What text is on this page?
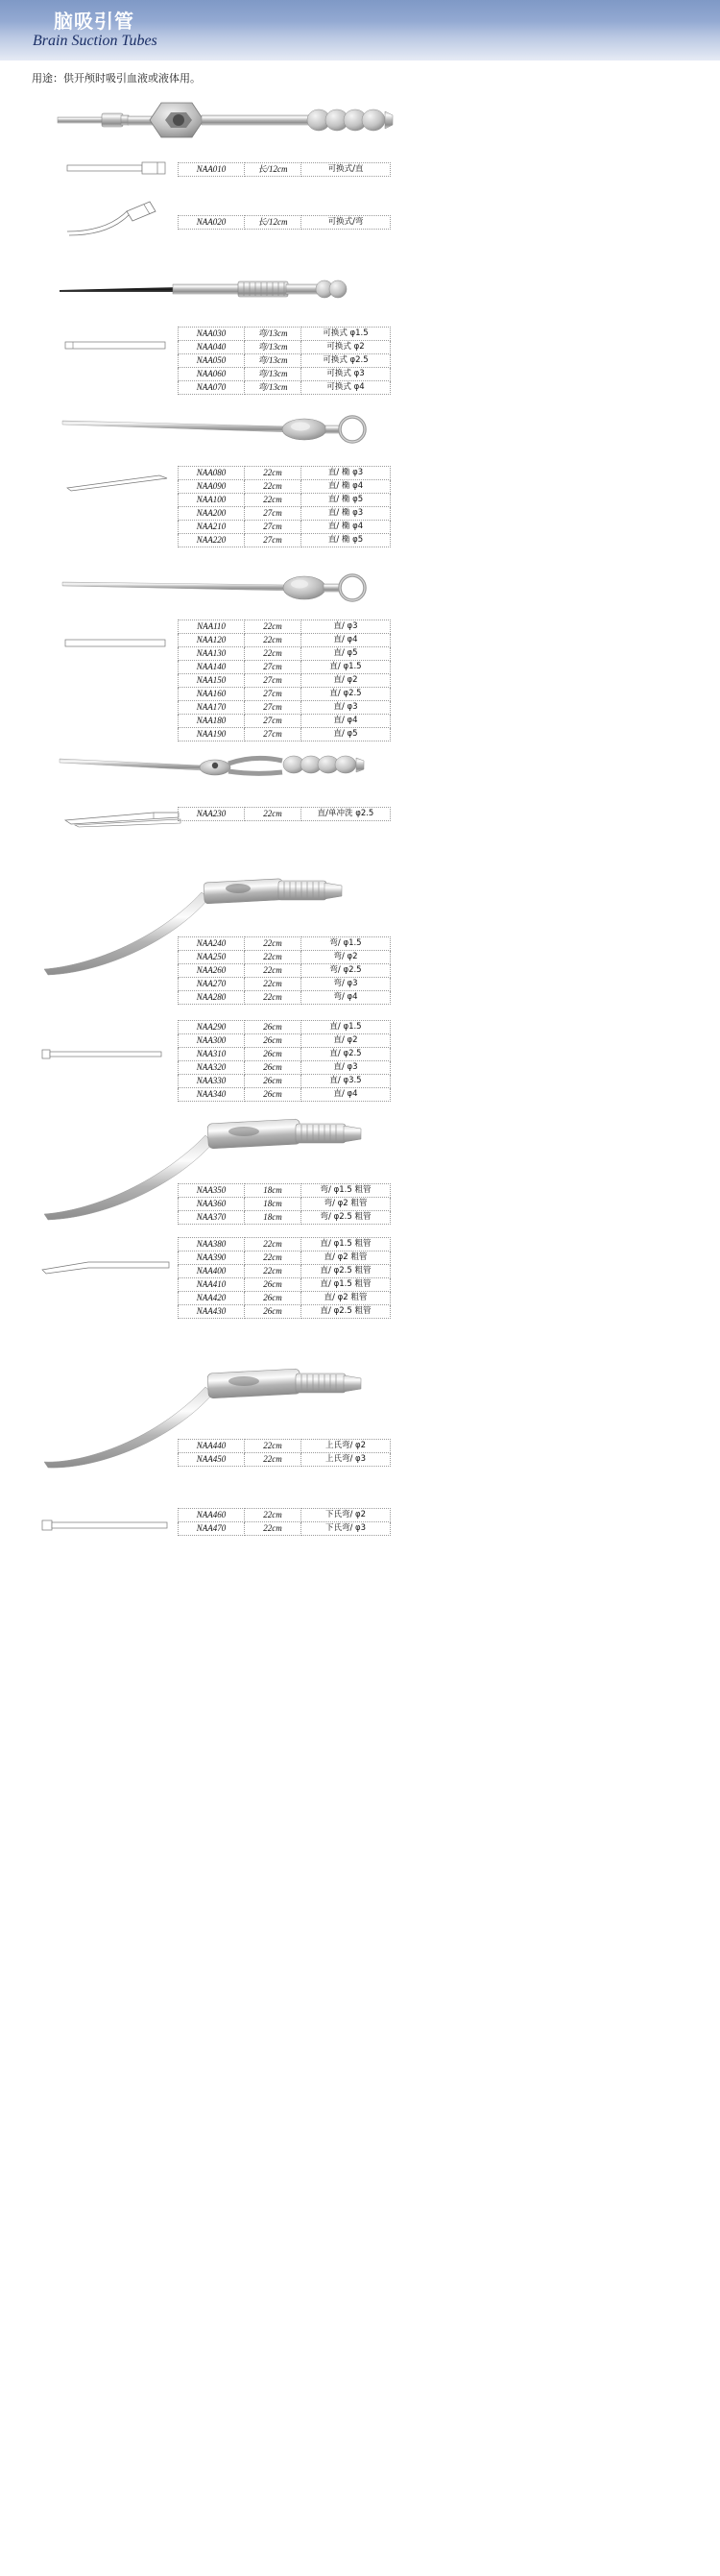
脑吸引管
Brain Suction Tubes
用途：供开颅时吸引血液或液体用。
NAA010	长/12cm	可换式/直
NAA020	长/12cm	可换式/弯
NAA030	弯/13cm	可换式 φ1.5
NAA040	弯/13cm	可换式 φ2
NAA050	弯/13cm	可换式 φ2.5
NAA060	弯/13cm	可换式 φ3
NAA070	弯/13cm	可换式 φ4
NAA080	22cm	直/ 椭 φ3
NAA090	22cm	直/ 椭 φ4
NAA100	22cm	直/ 椭 φ5
NAA200	27cm	直/ 椭 φ3
NAA210	27cm	直/ 椭 φ4
NAA220	27cm	直/ 椭 φ5
NAA110	22cm	直/ φ3
NAA120	22cm	直/ φ4
NAA130	22cm	直/ φ5
NAA140	27cm	直/ φ1.5
NAA150	27cm	直/ φ2
NAA160	27cm	直/ φ2.5
NAA170	27cm	直/ φ3
NAA180	27cm	直/ φ4
NAA190	27cm	直/ φ5
NAA230	22cm	直/单冲洗 φ2.5
NAA240	22cm	弯/ φ1.5
NAA250	22cm	弯/ φ2
NAA260	22cm	弯/ φ2.5
NAA270	22cm	弯/ φ3
NAA280	22cm	弯/ φ4
NAA290	26cm	直/ φ1.5
NAA300	26cm	直/ φ2
NAA310	26cm	直/ φ2.5
NAA320	26cm	直/ φ3
NAA330	26cm	直/ φ3.5
NAA340	26cm	直/ φ4
NAA350	18cm	弯/ φ1.5 粗管
NAA360	18cm	弯/ φ2 粗管
NAA370	18cm	弯/ φ2.5 粗管
NAA380	22cm	直/ φ1.5 粗管
NAA390	22cm	直/ φ2 粗管
NAA400	22cm	直/ φ2.5 粗管
NAA410	26cm	直/ φ1.5 粗管
NAA420	26cm	直/ φ2 粗管
NAA430	26cm	直/ φ2.5 粗管
NAA440	22cm	上氏弯/ φ2
NAA450	22cm	上氏弯/ φ3
NAA460	22cm	下氏弯/ φ2
NAA470	22cm	下氏弯/ φ3
